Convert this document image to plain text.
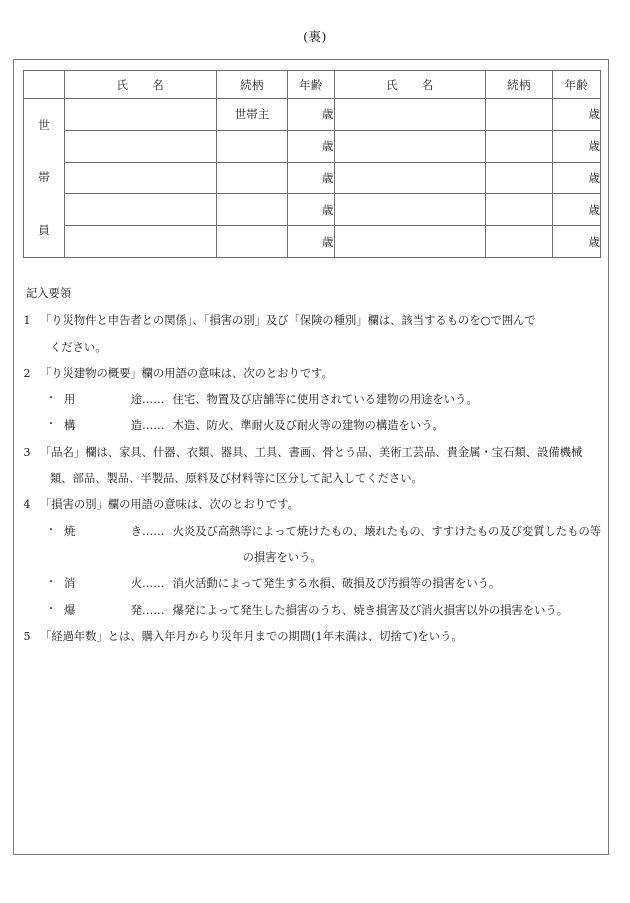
(裏)
	氏　　名	続柄	年齢	氏　　名	続柄	年齢

世
帯
員		世帯主	歳			歳
			歳			歳
			歳			歳
			歳			歳
			歳			歳
記入要領
1 「り災物件と申告者との関係」、「損害の別」及び「保険の種別」欄は、該当するものを○で囲んで
ください。
2 「り災建物の概要」欄の用語の意味は、次のとおりです。
・ 用	途 …… 住宅、物置及び店舗等に使用されている建物の用途をいう。
・ 構	造 …… 木造、防火、準耐火及び耐火等の建物の構造をいう。
3 「品名」欄は、家具、什器、衣類、器具、工具、書画、骨とう品、美術工芸品、貴金属・宝石類、設備機械
類、部品、製品、半製品、原料及び材料等に区分して記入してください。
4 「損害の別」欄の用語の意味は、次のとおりです。
・ 焼	き …… 火炎及び高熱等によって焼けたもの、壊れたもの、すすけたもの及び変質したもの等
の損害をいう。
・ 消	火 …… 消火活動によって発生する水損、破損及び汚損等の損害をいう。
・ 爆	発 …… 爆発によって発生した損害のうち、焼き損害及び消火損害以外の損害をいう。
5 「経過年数」とは、購入年月からり災年月までの期間(1年未満は、切捨て)をいう。
